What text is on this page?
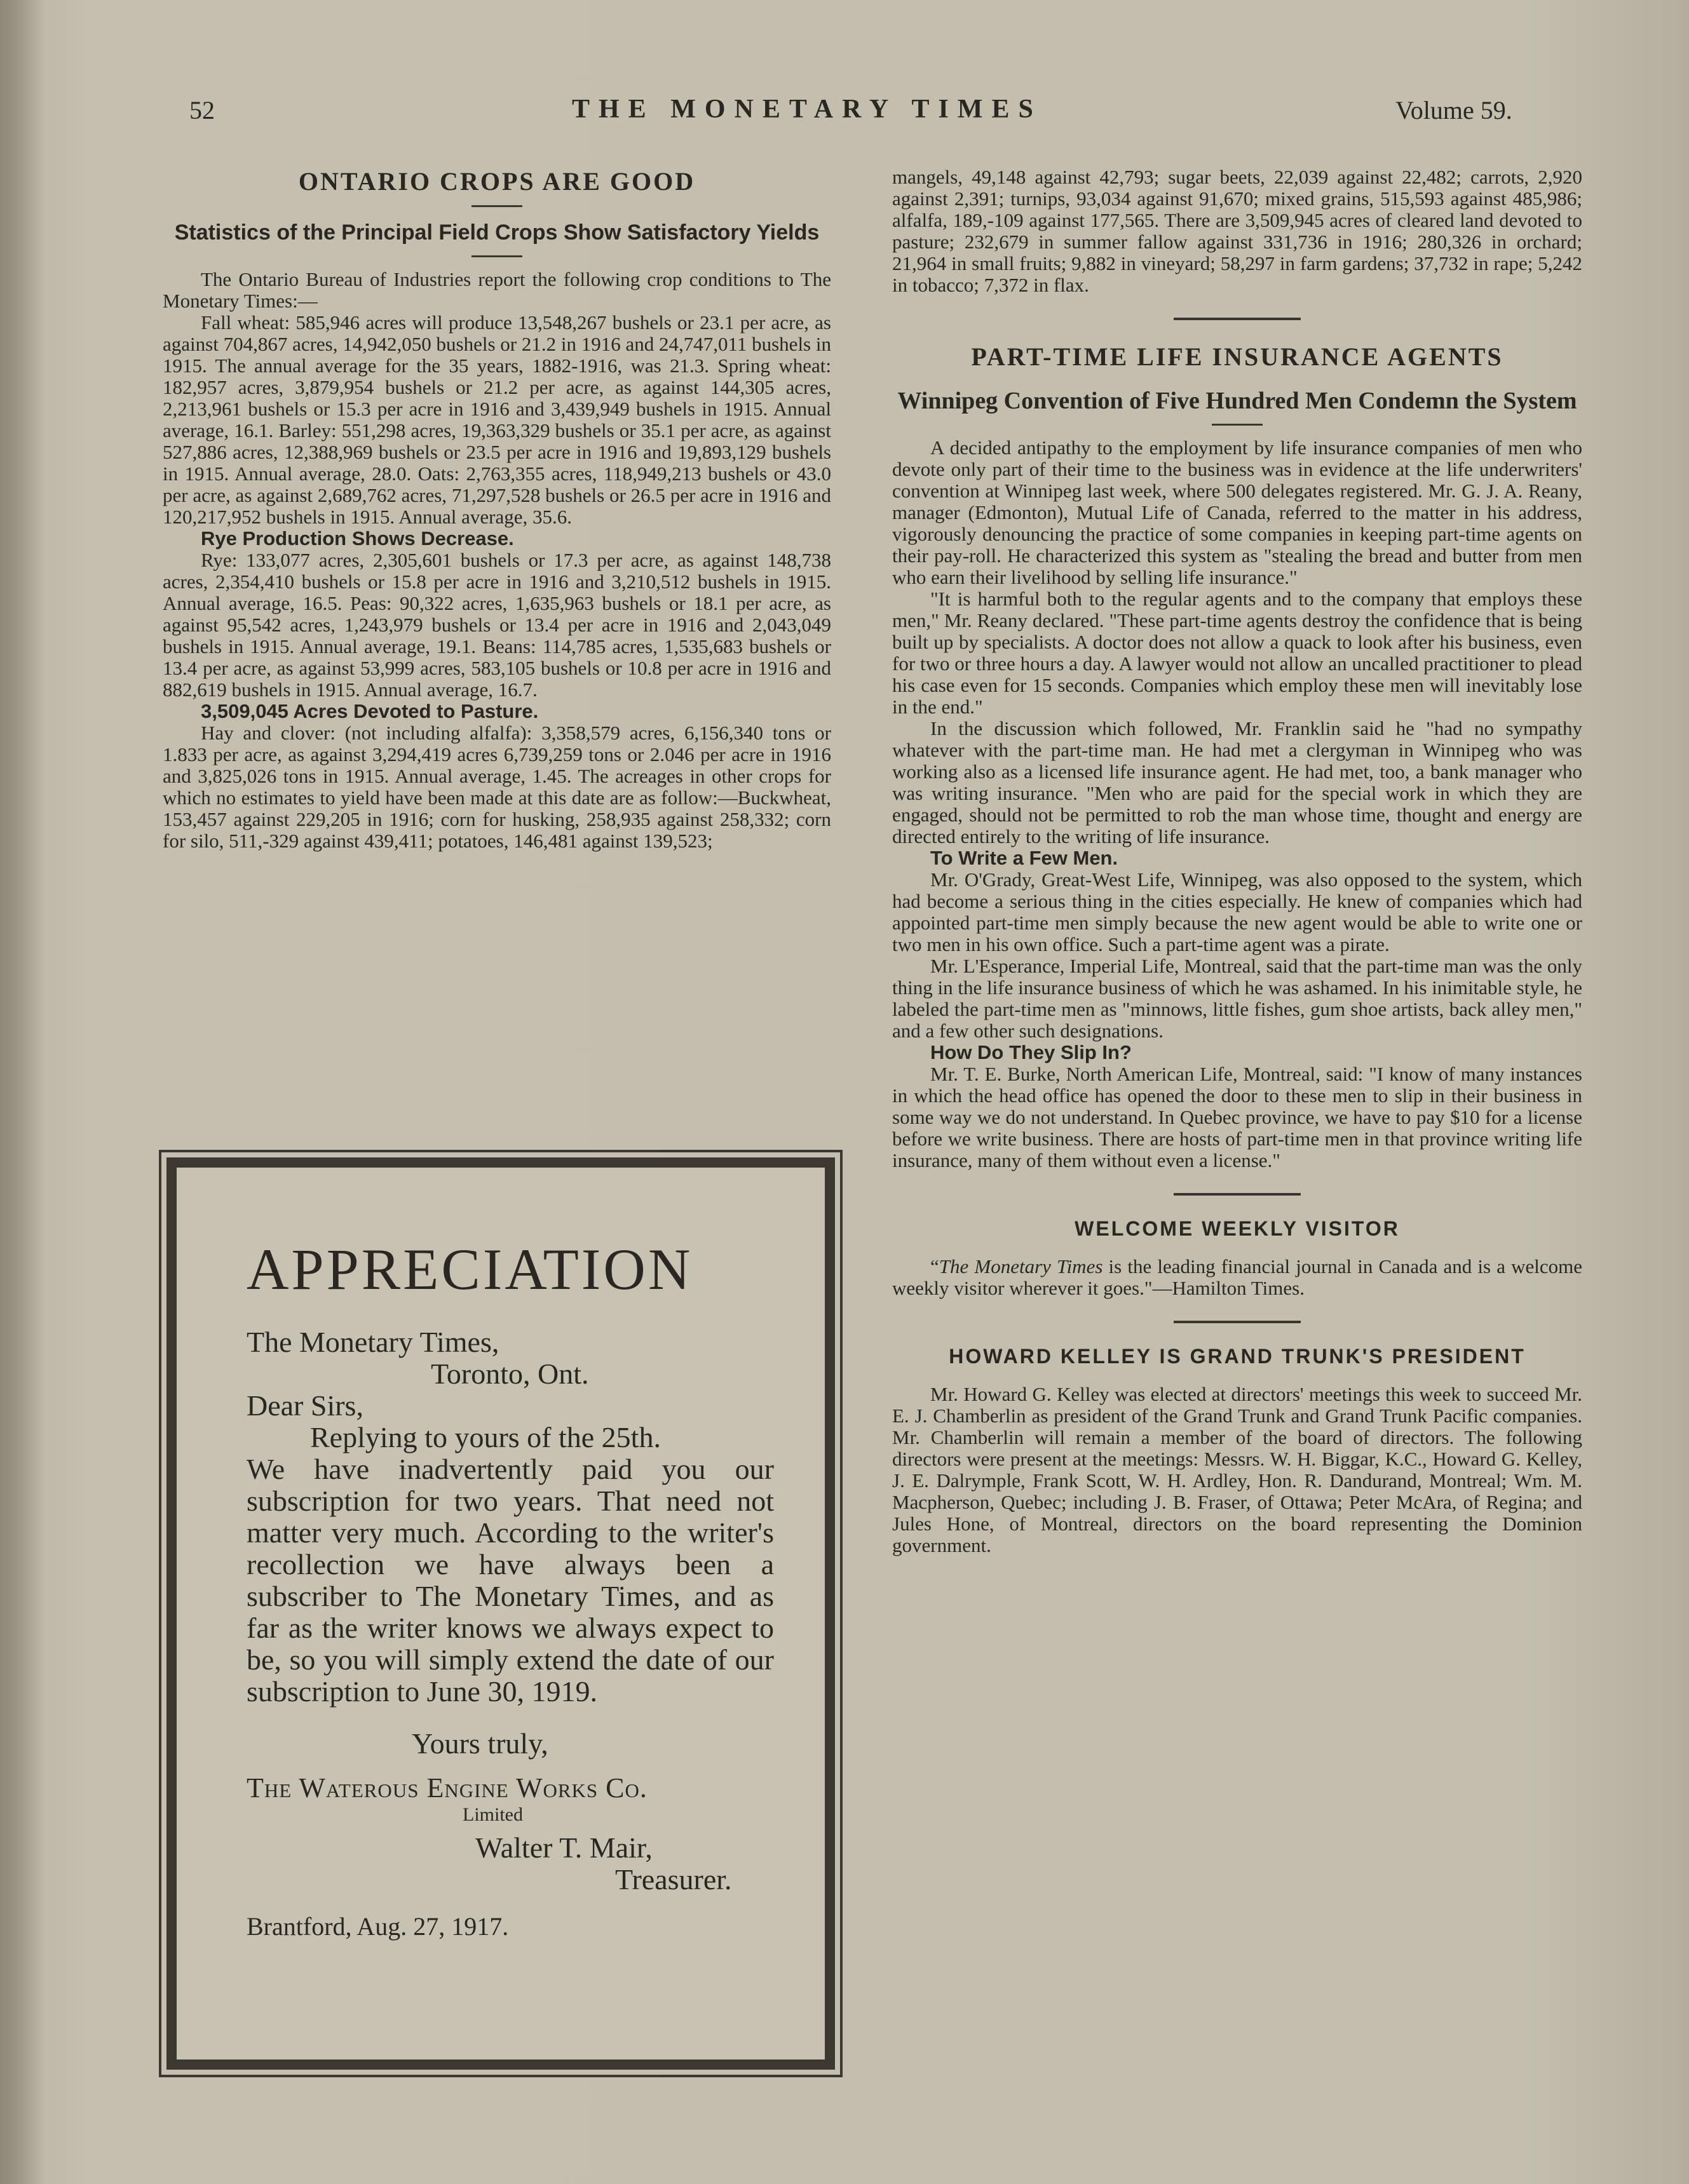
52	THE MONETARY TIMES	Volume 59.
ONTARIO CROPS ARE GOOD
Statistics of the Principal Field Crops Show Satisfactory Yields

The Ontario Bureau of Industries report the following crop conditions to The Monetary Times:—

Fall wheat: 585,946 acres will produce 13,548,267 bushels or 23.1 per acre, as against 704,867 acres, 14,942,050 bushels or 21.2 in 1916 and 24,747,011 bushels in 1915. The annual average for the 35 years, 1882-1916, was 21.3. Spring wheat: 182,957 acres, 3,879,954 bushels or 21.2 per acre, as against 144,305 acres, 2,213,961 bushels or 15.3 per acre in 1916 and 3,439,949 bushels in 1915. Annual average, 16.1. Barley: 551,298 acres, 19,363,329 bushels or 35.1 per acre, as against 527,886 acres, 12,388,969 bushels or 23.5 per acre in 1916 and 19,893,129 bushels in 1915. Annual average, 28.0. Oats: 2,763,355 acres, 118,949,213 bushels or 43.0 per acre, as against 2,689,762 acres, 71,297,528 bushels or 26.5 per acre in 1916 and 120,217,952 bushels in 1915. Annual average, 35.6.

Rye Production Shows Decrease.

Rye: 133,077 acres, 2,305,601 bushels or 17.3 per acre, as against 148,738 acres, 2,354,410 bushels or 15.8 per acre in 1916 and 3,210,512 bushels in 1915. Annual average, 16.5. Peas: 90,322 acres, 1,635,963 bushels or 18.1 per acre, as against 95,542 acres, 1,243,979 bushels or 13.4 per acre in 1916 and 2,043,049 bushels in 1915. Annual average, 19.1. Beans: 114,785 acres, 1,535,683 bushels or 13.4 per acre, as against 53,999 acres, 583,105 bushels or 10.8 per acre in 1916 and 882,619 bushels in 1915. Annual average, 16.7.

3,509,045 Acres Devoted to Pasture.

Hay and clover: (not including alfalfa): 3,358,579 acres, 6,156,340 tons or 1.833 per acre, as against 3,294,419 acres 6,739,259 tons or 2.046 per acre in 1916 and 3,825,026 tons in 1915. Annual average, 1.45. The acreages in other crops for which no estimates to yield have been made at this date are as follow:—Buckwheat, 153,457 against 229,205 in 1916; corn for husking, 258,935 against 258,332; corn for silo, 511,-329 against 439,411; potatoes, 146,481 against 139,523;

APPRECIATION

The Monetary Times,

Toronto, Ont.

Dear Sirs,

Replying to yours of the 25th.

We have inadvertently paid you our subscription for two years. That need not matter very much. According to the writer's recollection we have always been a subscriber to The Monetary Times, and as far as the writer knows we always expect to be, so you will simply extend the date of our subscription to June 30, 1919.

Yours truly,

The Waterous Engine Works Co.

Limited

Walter T. Mair,

Treasurer.

Brantford, Aug. 27, 1917.

mangels, 49,148 against 42,793; sugar beets, 22,039 against 22,482; carrots, 2,920 against 2,391; turnips, 93,034 against 91,670; mixed grains, 515,593 against 485,986; alfalfa, 189,-109 against 177,565. There are 3,509,945 acres of cleared land devoted to pasture; 232,679 in summer fallow against 331,736 in 1916; 280,326 in orchard; 21,964 in small fruits; 9,882 in vineyard; 58,297 in farm gardens; 37,732 in rape; 5,242 in tobacco; 7,372 in flax.

PART-TIME LIFE INSURANCE AGENTS
Winnipeg Convention of Five Hundred Men Condemn the System

A decided antipathy to the employment by life insurance companies of men who devote only part of their time to the business was in evidence at the life underwriters' convention at Winnipeg last week, where 500 delegates registered. Mr. G. J. A. Reany, manager (Edmonton), Mutual Life of Canada, referred to the matter in his address, vigorously denouncing the practice of some companies in keeping part-time agents on their pay-roll. He characterized this system as "stealing the bread and butter from men who earn their livelihood by selling life insurance."

"It is harmful both to the regular agents and to the company that employs these men," Mr. Reany declared. "These part-time agents destroy the confidence that is being built up by specialists. A doctor does not allow a quack to look after his business, even for two or three hours a day. A lawyer would not allow an uncalled practitioner to plead his case even for 15 seconds. Companies which employ these men will inevitably lose in the end."

In the discussion which followed, Mr. Franklin said he "had no sympathy whatever with the part-time man. He had met a clergyman in Winnipeg who was working also as a licensed life insurance agent. He had met, too, a bank manager who was writing insurance. "Men who are paid for the special work in which they are engaged, should not be permitted to rob the man whose time, thought and energy are directed entirely to the writing of life insurance.

To Write a Few Men.

Mr. O'Grady, Great-West Life, Winnipeg, was also opposed to the system, which had become a serious thing in the cities especially. He knew of companies which had appointed part-time men simply because the new agent would be able to write one or two men in his own office. Such a part-time agent was a pirate.

Mr. L'Esperance, Imperial Life, Montreal, said that the part-time man was the only thing in the life insurance business of which he was ashamed. In his inimitable style, he labeled the part-time men as "minnows, little fishes, gum shoe artists, back alley men," and a few other such designations.

How Do They Slip In?

Mr. T. E. Burke, North American Life, Montreal, said: "I know of many instances in which the head office has opened the door to these men to slip in their business in some way we do not understand. In Quebec province, we have to pay $10 for a license before we write business. There are hosts of part-time men in that province writing life insurance, many of them without even a license."

WELCOME WEEKLY VISITOR

“The Monetary Times is the leading financial journal in Canada and is a welcome weekly visitor wherever it goes."—Hamilton Times.

HOWARD KELLEY IS GRAND TRUNK'S PRESIDENT

Mr. Howard G. Kelley was elected at directors' meetings this week to succeed Mr. E. J. Chamberlin as president of the Grand Trunk and Grand Trunk Pacific companies. Mr. Chamberlin will remain a member of the board of directors. The following directors were present at the meetings: Messrs. W. H. Biggar, K.C., Howard G. Kelley, J. E. Dalrymple, Frank Scott, W. H. Ardley, Hon. R. Dandurand, Montreal; Wm. M. Macpherson, Quebec; including J. B. Fraser, of Ottawa; Peter McAra, of Regina; and Jules Hone, of Montreal, directors on the board representing the Dominion government.
